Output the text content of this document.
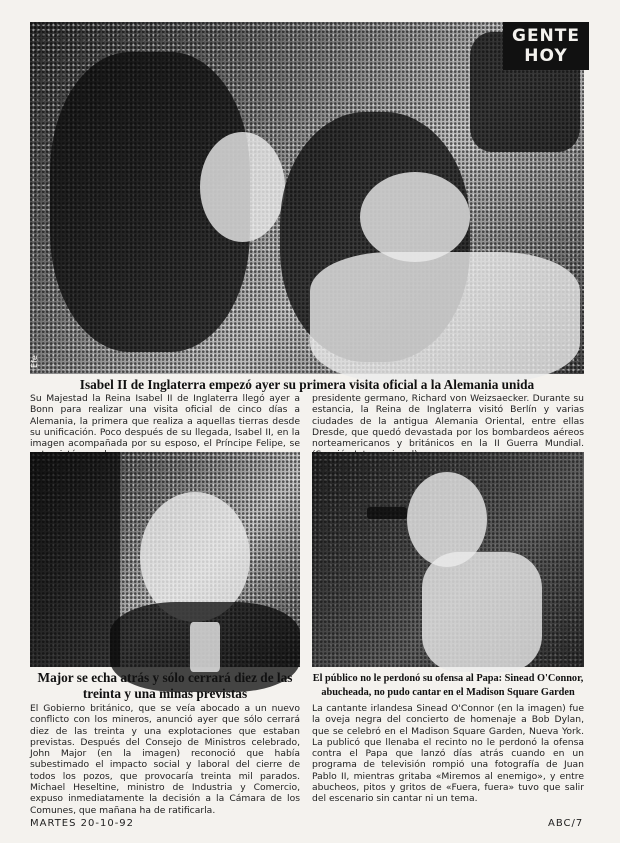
GENTE
HOY
Efe
Isabel II de Inglaterra empezó ayer su primera visita oficial a la Alemania unida

Su Majestad la Reina Isabel II de Inglaterra llegó ayer a Bonn para realizar una visita oficial de cinco días a Alemania, la primera que realiza a aquellas tierras desde su unificación. Poco después de su llegada, Isabel II, en la imagen acompañada por su esposo, el Príncipe Felipe, se

presidente germano, Richard von Weizsaecker. Durante su estancia, la Reina de Inglaterra visitó Berlín y varias ciudades de la antigua Alemania Oriental, entre ellas Dresde, que quedó devastada por los bombardeos aéreos norteamericanos y británicos en la II Guerra Mundial.

Major se echa atrás y sólo cerrará diez de las treinta y una minas previstas

El Gobierno británico, que se veía abocado a un nuevo conflicto con los mineros, anunció ayer que sólo cerrará diez de las treinta y una explotaciones que estaban previstas. Después del Consejo de Ministros celebrado, John Major (en la imagen) reconoció que había subestimado el impacto social y laboral del cierre de todos los pozos, que provocaría treinta mil parados. Michael Heseltine, ministro de Industria y Comercio, expuso inmediatamente la decisión a la Cámara de los Comunes, que mañana ha de ratificarla.

El público no le perdonó su ofensa al Papa: Sinead O'Connor, abucheada, no pudo cantar en el Madison Square Garden

La cantante irlandesa Sinead O'Connor (en la imagen) fue la oveja negra del concierto de homenaje a Bob Dylan, que se celebró en el Madison Square Garden, Nueva York. La publicó que llenaba el recinto no le perdonó la ofensa contra el Papa que lanzó días atrás cuando en un programa de televisión rompió una fotografía de Juan Pablo II, mientras gritaba «Miremos al enemigo», y entre abucheos, pitos y gritos de «Fuera, fuera» tuvo que salir del escenario sin cantar ni un tema.

MARTES 20-10-92	ABC/7
